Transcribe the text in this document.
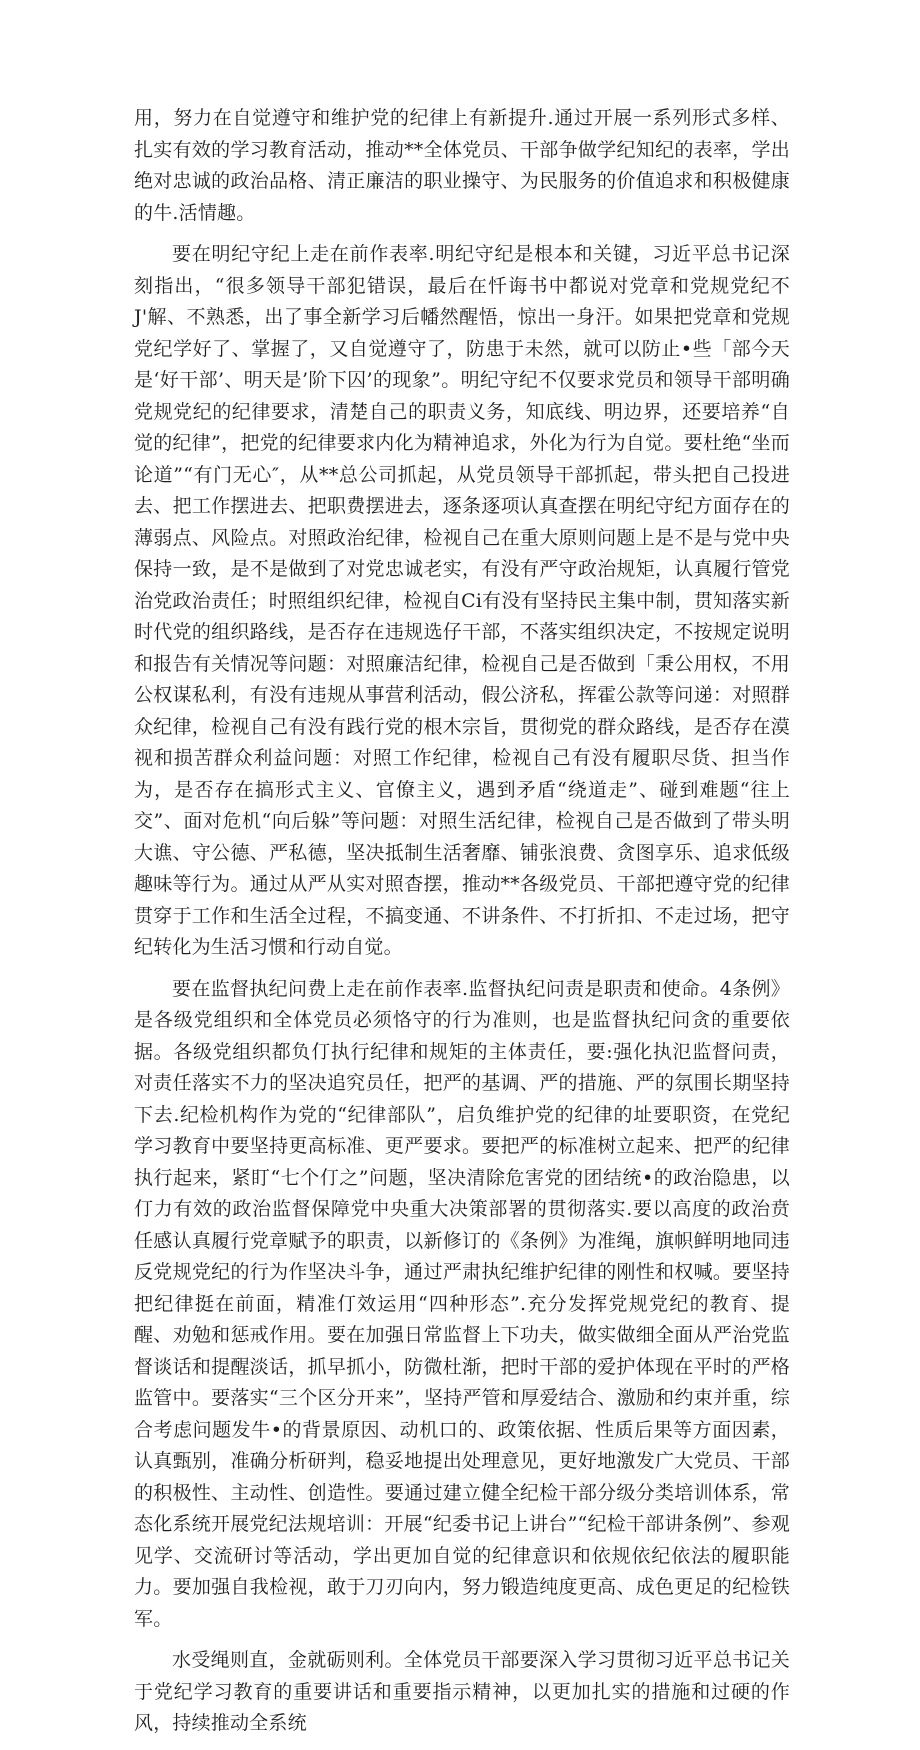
用，努力在自觉遵守和维护党的纪律上有新提升.通过开展一系列形式多样、扎实有效的学习教育活动，推动**全体党员、干部争做学纪知纪的表率，学出绝对忠诚的政治品格、清正廉洁的职业操守、为民服务的价值追求和积极健康的牛.活情趣。

要在明纪守纪上走在前作表率.明纪守纪是根本和关键，习近平总书记深刻指出，“很多领导干部犯错误，最后在忏诲书中都说对党章和党规党纪不J'解、不熟悉，出了事全新学习后幡然醒悟，惊出一身汗。如果把党章和党规党纪学好了、掌握了，又自觉遵守了，防患于未然，就可以防止•些「部今天是‘好干部’、明天是’阶下囚’的现象”。明纪守纪不仅要求党员和领导干部明确党规党纪的纪律要求，清楚自己的职责义务，知底线、明边界，还要培养“自觉的纪律”，把党的纪律要求内化为精神追求，外化为行为自觉。要杜绝“坐而论道”“有门无心″，从**总公司抓起，从党员领导干部抓起，带头把自己投进去、把工作摆进去、把职费摆进去，逐条逐项认真查摆在明纪守纪方面存在的薄弱点、风险点。对照政治纪律，检视自己在重大原则问题上是不是与党中央保持一致，是不是做到了对党忠诚老实，有没有严守政治规矩，认真履行管党治党政治责任；时照组织纪律，检视自Ci有没有坚持民主集中制，贯知落实新时代党的组织路线，是否存在违规选仔干部，不落实组织决定，不按规定说明和报告有关情况等问题：对照廉洁纪律，检视自己是否做到「秉公用权，不用公权谋私利，有没有违规从事营利活动，假公济私，挥霍公款等问递：对照群众纪律，检视自己有没有践行党的根木宗旨，贯彻党的群众路线，是否存在漠视和损苦群众利益问题：对照工作纪律，检视自己有没有履职尽货、担当作为，是否存在搞形式主义、官僚主义，遇到矛盾“绕道走”、碰到难题“往上交”、面对危机“向后躲”等问题：对照生活纪律，检视自己是否做到了带头明大谯、守公德、严私德，坚决抵制生活奢靡、铺张浪费、贪图享乐、追求低级趣味等行为。通过从严从实对照杳摆，推动**各级党员、干部把遵守党的纪律贯穿于工作和生活全过程，不搞变通、不讲条件、不打折扣、不走过场，把守纪转化为生活习惯和行动自觉。

要在监督执纪问费上走在前作表率.监督执纪问责是职责和使命。4条例》是各级党组织和全体党员必须恪守的行为准则，也是监督执纪问贪的重要依据。各级党组织都负仃执行纪律和规矩的主体责任，要:强化执氾监督问责，对责任落实不力的坚决追究员任，把严的基调、严的措施、严的氛围长期坚持下去.纪检机构作为党的“纪律部队”，启负维护党的纪律的址要职资，在党纪学习教育中要坚持更高标准、更严要求。要把严的标准树立起来、把严的纪律执行起来，紧盯“七个仃之”问题，坚决清除危害党的团结统•的政治隐患，以仃力有效的政治监督保障党中央重大决策部署的贯彻落实.要以高度的政治贲任感认真履行党章赋予的职责，以新修订的《条例》为准绳，旗帜鲜明地同违反党规党纪的行为作坚决斗争，通过严肃执纪维护纪律的刚性和权喊。要坚持把纪律挺在前面，精准仃效运用“四种形态”.充分发挥党规党纪的教育、提醒、劝勉和惩戒作用。要在加强日常监督上下功夫，做实做细全面从严治党监督谈话和提醒淡话，抓早抓小，防微杜渐，把时干部的爱护体现在平时的严格监管中。要落实“三个区分开来”，坚持严管和厚爱结合、激励和约束并重，综合考虑问题发牛•的背景原因、动机口的、政策依据、性质后果等方面因素，认真甄别，准确分析研判，稳妥地提出处理意见，更好地激发广大党员、干部的积极性、主动性、创造性。要通过建立健全纪检干部分级分类培训体系，常态化系统开展党纪法规培训：开展“纪委书记上讲台”“纪检干部讲条例”、参观见学、交流研讨等活动，学出更加自觉的纪律意识和依规依纪依法的履职能力。要加强自我检视，敢于刀刃向内，努力锻造纯度更高、成色更足的纪检铁军。

水受绳则直，金就砺则利。全体党员干部要深入学习贯彻习近平总书记关于党纪学习教育的重要讲话和重要指示精神，以更加扎实的措施和过硬的作风，持续推动全系统
